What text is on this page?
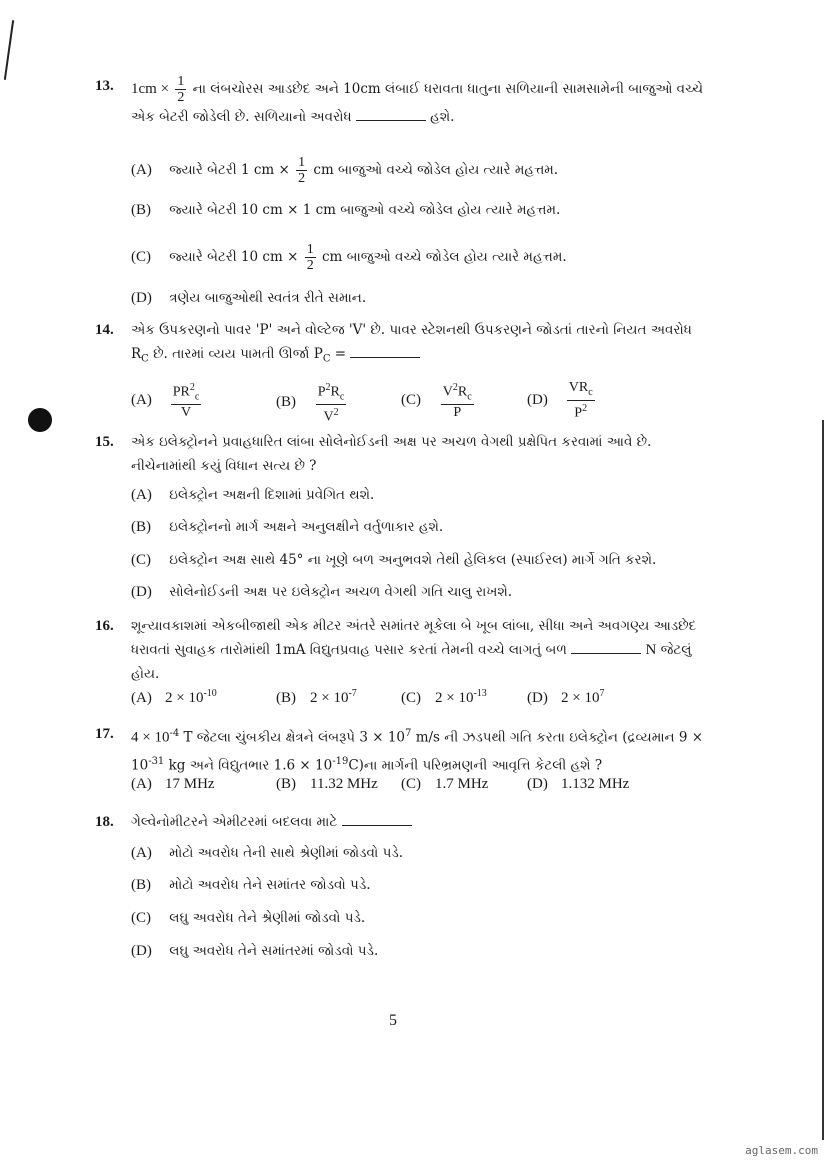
13. $1cm \times \frac{1}{2}$ ના લંબચોરસ આડછેદ અને 10cm લંબાઈ ધરાવતા ધાતુના સળિયાની સામસામેની બાજુઓ વચ્ચે એક બેટરી જોડેલી છે. સળિયાનો અવરોધ	હશે.
(A) જ્યારે બેટરી 1 cm × $\frac{1}{2}$ cm બાજુઓ વચ્ચે જોડેલ હોય ત્યારે મહત્તમ.
(B) જ્યારે બેટરી 10 cm × 1 cm બાજુઓ વચ્ચે જોડેલ હોય ત્યારે મહત્તમ.
(C) જ્યારે બેટરી 10 cm × $\frac{1}{2}$ cm બાજુઓ વચ્ચે જોડેલ હોય ત્યારે મહત્તમ.
(D) ત્રણેય બાજુઓથી સ્વતંત્ર રીતે સમાન.
14. એક ઉપકરણનો પાવર 'P' અને વોલ્ટેજ 'V' છે. પાવર સ્ટેશનથી ઉપકરણને જોડતાં તારનો નિયત અવરોધ $R_C$ છે. તારમાં વ્યય પામતી ઊર્જા $P_C$ =
$(A) \frac{PR^2_c}{V}$	$(B) \frac{P^2R_c}{V^2}$	$(C) \frac{V^2R_c}{P}$	$(D) \frac{VR_c}{P^2}$
15. એક ઇલેક્ટ્રોનને પ્રવાહધારિત લાંબા સોલેનોઈડની અક્ષ પર અચળ વેગથી પ્રક્ષેપિત કરવામાં આવે છે. નીચેનામાંથી કયું વિધાન સત્ય છે ?
(A) ઇલેક્ટ્રોન અક્ષની દિશામાં પ્રવેગિત થશે.
(B) ઇલેક્ટ્રોનનો માર્ગ અક્ષને અનુલક્ષીને વર્તુળાકાર હશે.
(C) ઇલેક્ટ્રોન અક્ષ સાથે 45° ના ખૂણે બળ અનુભવશે તેથી હેલિકલ (સ્પાઈરલ) માર્ગે ગતિ કરશે.
(D) સોલેનોઈડની અક્ષ પર ઇલેક્ટ્રોન અચળ વેગથી ગતિ ચાલુ રાખશે.
16. શૂન્યાવકાશમાં એકબીજાથી એક મીટર અંતરે સમાંતર મૂકેલા બે ખૂબ લાંબા, સીધા અને અવગણ્ય આડછેદ ધરાવતાં સુવાહક તારોમાંથી 1mA વિદ્યુતપ્રવાહ પસાર કરતાં તેમની વચ્ચે લાગતું બળ	N જેટલું હોય.
(A) $2 \times 10^{-10}$	(B) $2 \times 10^{-7}$	(C) $2 \times 10^{-13}$	(D) $2 \times 10^7$
17. $4 \times 10^{-4}$ T જેટલા ચુંબકીય ક્ષેત્રને લંબરૂપે $3 \times 10^7$ m/s ની ઝડપથી ગતિ કરતા ઇલેક્ટ્રોન (દ્રવ્યમાન $9 \times 10^{-31}$ kg અને વિદ્યુતભાર $1.6 \times 10^{-19}C)ના$ માર્ગની પરિભ્રમણની આવૃત્તિ કેટલી હશે ?
(A) 17 MHz	(B) 11.32 MHz (C) 1.7 MHz	(D) 1.132 MHz
18. ગેલ્વેનોમીટરને એમીટરમાં બદલવા માટે
(A) મોટો અવરોધ તેની સાથે શ્રેણીમાં જોડવો પડે.
(B) મોટો અવરોધ તેને સમાંતર જોડવો પડે.
(C) લઘુ અવરોધ તેને શ્રેણીમાં જોડવો પડે.
(D) લઘુ અવરોધ તેને સમાંતરમાં જોડવો પડે.
5
aglasem.com
